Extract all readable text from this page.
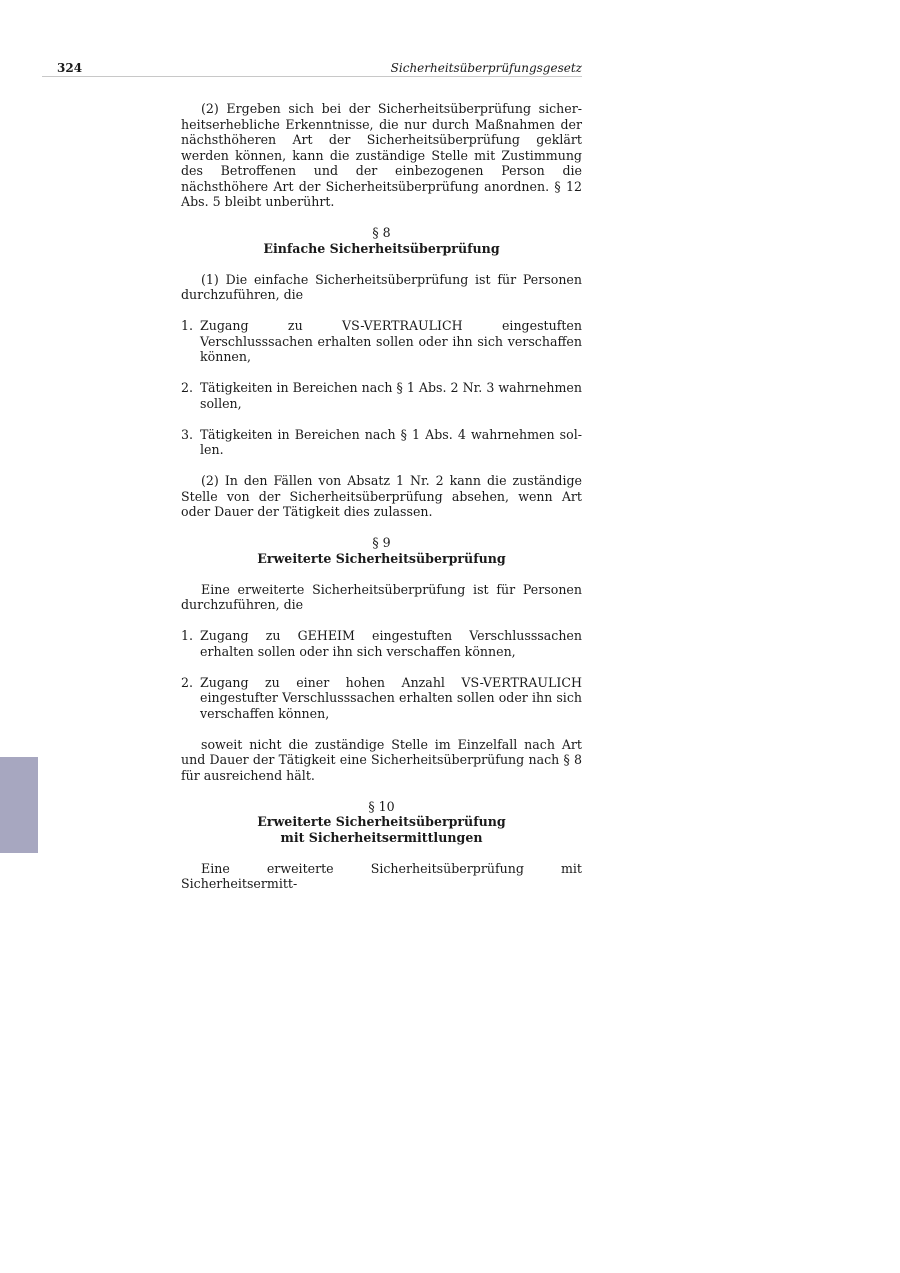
324	Sicherheitsüberprüfungsgesetz

(2) Ergeben sich bei der Sicherheitsüberprüfung sicherheitserhebliche Erkenntnisse, die nur durch Maßnahmen der nächsthöheren Art der Sicherheitsüberprüfung geklärt werden können, kann die zuständige Stelle mit Zustimmung des Betroffenen und der einbezogenen Person die nächsthöhere Art der Sicherheitsüberprüfung anordnen. § 12 Abs. 5 bleibt unberührt.

§ 8
Einfache Sicherheitsüberprüfung

(1) Die einfache Sicherheitsüberprüfung ist für Personen durchzuführen, die

1. Zugang zu VS-VERTRAULICH eingestuften Verschlusssachen erhalten sollen oder ihn sich verschaffen können,
2. Tätigkeiten in Bereichen nach § 1 Abs. 2 Nr. 3 wahrnehmen sollen,
3. Tätigkeiten in Bereichen nach § 1 Abs. 4 wahrnehmen sollen.

(2) In den Fällen von Absatz 1 Nr. 2 kann die zuständige Stelle von der Sicherheitsüberprüfung absehen, wenn Art oder Dauer der Tätigkeit dies zulassen.

§ 9
Erweiterte Sicherheitsüberprüfung

Eine erweiterte Sicherheitsüberprüfung ist für Personen durchzuführen, die

1. Zugang zu GEHEIM eingestuften Verschlusssachen erhalten sollen oder ihn sich verschaffen können,
2. Zugang zu einer hohen Anzahl VS-VERTRAULICH eingestufter Verschlusssachen erhalten sollen oder ihn sich verschaffen können,

soweit nicht die zuständige Stelle im Einzelfall nach Art und Dauer der Tätigkeit eine Sicherheitsüberprüfung nach § 8 für ausreichend hält.

§ 10
Erweiterte Sicherheitsüberprüfung
mit Sicherheitsermittlungen

Eine erweiterte Sicherheitsüberprüfung mit Sicherheitsermitt-
